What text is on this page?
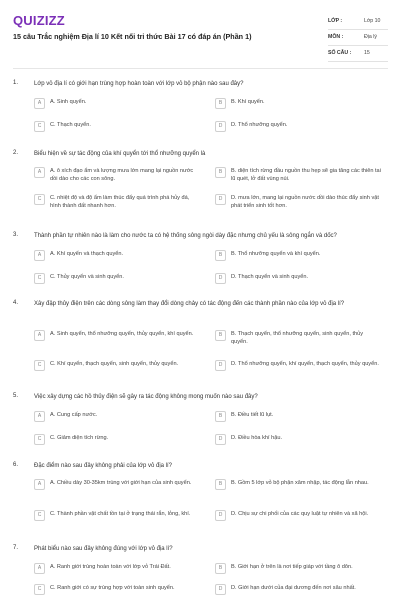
QUIZIZZ
15 câu Trắc nghiệm Địa lí 10 Kết nối tri thức Bài 17 có đáp án (Phần 1)
LỚP :	Lớp 10
MÔN :	Địa lý
SỐ CÂU : 15
1.	Lớp vỏ địa lí có giới hạn trùng hợp hoàn toàn với lớp vỏ bộ phận nào sau đây?
A	A. Sinh quyển.	B	B. Khí quyển.
C	C. Thạch quyển.	D	D. Thổ nhưỡng quyển.
2.	Biểu hiện về sự tác động của khí quyển tới thổ nhưỡng quyển là
A	A. ô xích đạo ẩm và lượng mưa lớn mang lại nguồn nước dồi dào cho các con sông.
B	B. diện tích rừng đầu nguồn thu hẹp sẽ gia tăng các thiên tai lũ quét, lở đất vùng núi.
C	C. nhiệt độ và độ ẩm làm thúc đẩy quá trình phá hủy đá, hình thành đất nhanh hơn.
D	D. mưa lớn, mang lại nguồn nước dồi dào thúc đẩy sinh vật phát triển sinh tốt hơn.
3.	Thành phần tự nhiên nào là làm cho nước ta có hệ thống sông ngòi dày đặc nhưng chủ yếu là sông ngắn và dốc?
A	A. Khí quyển và thạch quyển.	B	B. Thổ nhưỡng quyển và khí quyển.
C	C. Thủy quyển và sinh quyển.	D	D. Thạch quyển và sinh quyển.
4.	Xây đập thủy điện trên các dòng sông làm thay đổi dòng chảy có tác động đến các thành phần nào của lớp vỏ địa lí?
A	A. Sinh quyển, thổ nhưỡng quyển, thủy quyển, khí quyển.	B	B. Thạch quyển, thổ nhưỡng quyển, sinh quyển, thủy quyển.
C	C. Khí quyển, thạch quyển, sinh quyển, thủy quyển.	D	D. Thổ nhưỡng quyển, khí quyển, thạch quyển, thủy quyển.
5.	Việc xây dựng các hồ thủy điện sẽ gây ra tác động không mong muốn nào sau đây?
A	A. Cung cấp nước.	B	B. Điều tiết lũ lụt.
C	C. Giảm diện tích rừng.	D	D. Điều hòa khí hậu.
6.	Đặc điểm nào sau đây không phải của lớp vỏ địa lí?
A	A. Chiều dày 30-35km trùng với giới hạn của sinh quyển.	B	B. Gồm 5 lớp vỏ bộ phận xâm nhập, tác động lẫn nhau.
C	C. Thành phần vật chất tồn tại ở trạng thái rắn, lỏng, khí.	D	D. Chịu sự chi phối của các quy luật tự nhiên và xã hội.
7.	Phát biểu nào sau đây không đúng với lớp vỏ địa lí?
A	A. Ranh giới trùng hoàn toàn với lớp vỏ Trái Đất.	B	B. Giới hạn ở trên là nơi tiếp giáp với tầng ô dôn.
C	C. Ranh giới có sự trùng hợp với toàn sinh quyển.	D	D. Giới hạn dưới của đại dương đến nơi sâu nhất.
